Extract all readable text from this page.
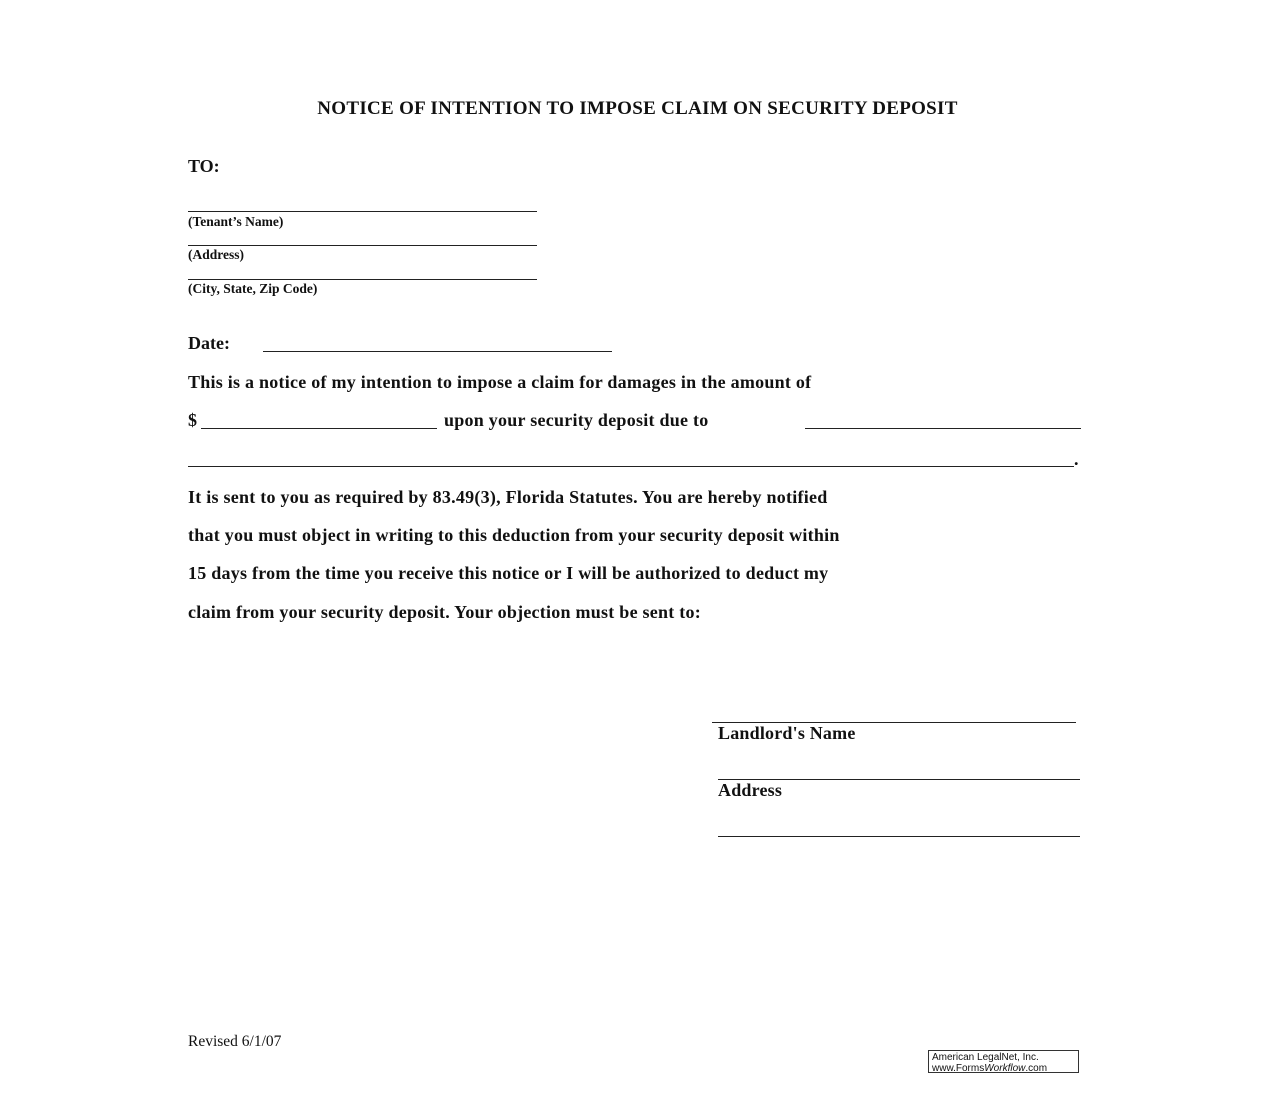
NOTICE OF INTENTION TO IMPOSE CLAIM ON SECURITY DEPOSIT
TO:
(Tenant’s Name)
(Address)
(City, State, Zip Code)
Date:
This is a notice of my intention to impose a claim for damages in the amount of
$	upon your security deposit due to
.
It is sent to you as required by 83.49(3), Florida Statutes. You are hereby notified
that you must object in writing to this deduction from your security deposit within
15 days from the time you receive this notice or I will be authorized to deduct my
claim from your security deposit. Your objection must be sent to:
Landlord's Name
Address
Revised 6/1/07
American LegalNet, Inc.
www.FormsWorkflow.com
